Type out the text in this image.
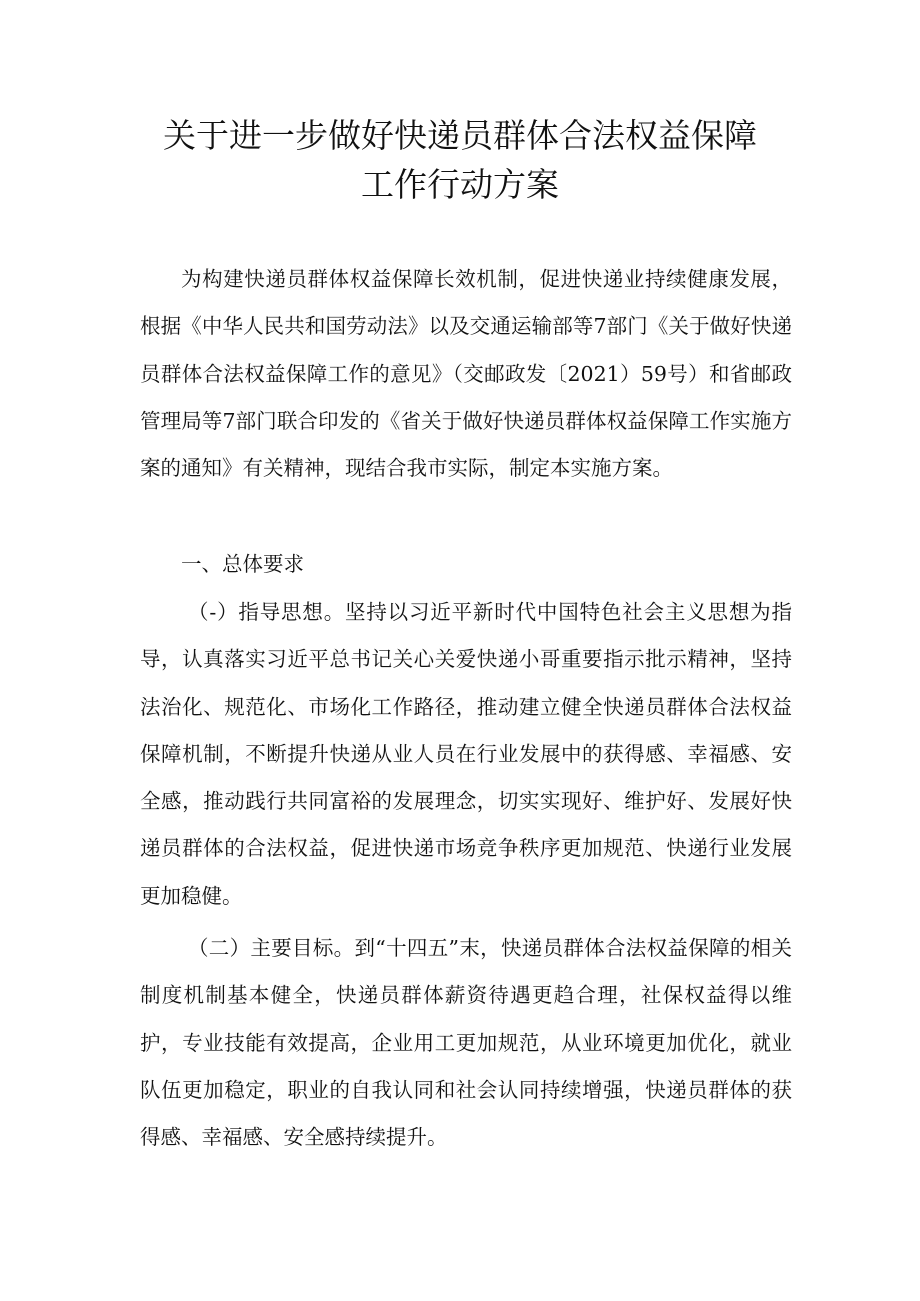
关于进一步做好快递员群体合法权益保障
工作行动方案

为构建快递员群体权益保障长效机制，促进快递业持续健康发展，根据《中华人民共和国劳动法》以及交通运输部等7部门《关于做好快递员群体合法权益保障工作的意见》（交邮政发〔2021）59号）和省邮政管理局等7部门联合印发的《省关于做好快递员群体权益保障工作实施方案的通知》有关精神，现结合我市实际，制定本实施方案。

一、总体要求

（-）指导思想。坚持以习近平新时代中国特色社会主义思想为指导，认真落实习近平总书记关心关爱快递小哥重要指示批示精神，坚持法治化、规范化、市场化工作路径，推动建立健全快递员群体合法权益保障机制，不断提升快递从业人员在行业发展中的获得感、幸福感、安全感，推动践行共同富裕的发展理念，切实实现好、维护好、发展好快递员群体的合法权益，促进快递市场竞争秩序更加规范、快递行业发展更加稳健。

（二）主要目标。到“十四五”末，快递员群体合法权益保障的相关制度机制基本健全，快递员群体薪资待遇更趋合理，社保权益得以维护，专业技能有效提高，企业用工更加规范，从业环境更加优化，就业队伍更加稳定，职业的自我认同和社会认同持续增强，快递员群体的获得感、幸福感、安全感持续提升。
